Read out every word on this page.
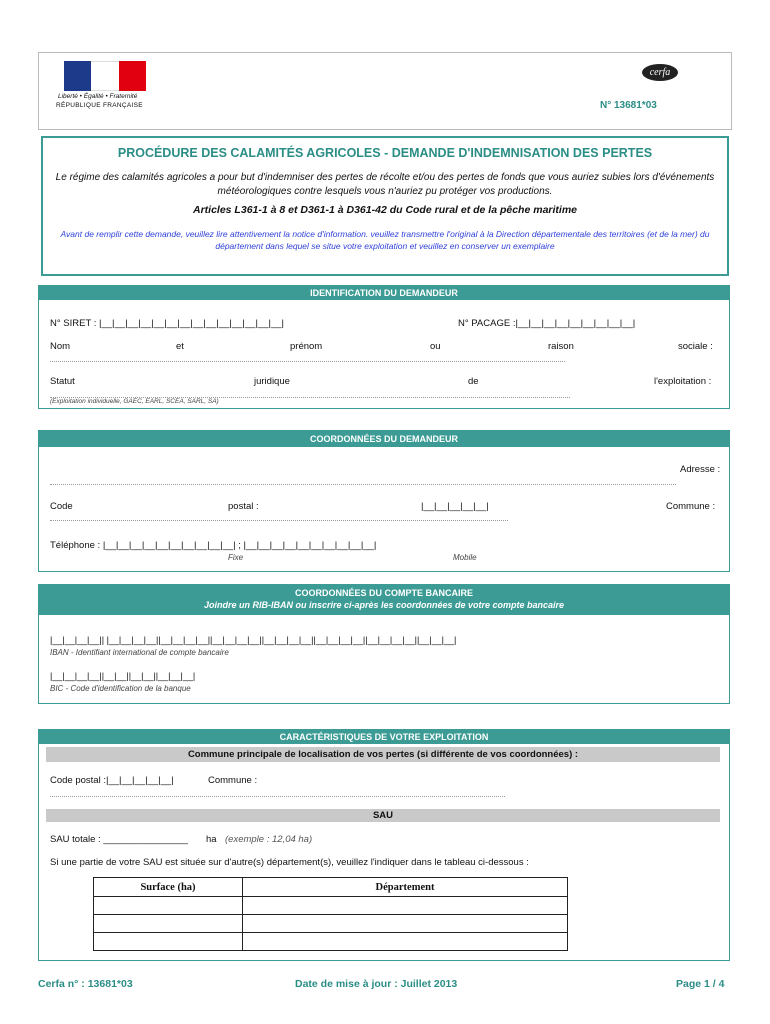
Liberté • Égalité • Fraternité
RÉPUBLIQUE FRANÇAISE
cerfa
N° 13681*03
PROCÉDURE DES CALAMITÉS AGRICOLES - DEMANDE D'INDEMNISATION DES PERTES
Le régime des calamités agricoles a pour but d'indemniser des pertes de récolte et/ou des pertes de fonds que vous auriez subies lors d'événements météorologiques contre lesquels vous n'auriez pu protéger vos productions.
Articles L361-1 à 8 et D361-1 à D361-42 du Code rural et de la pêche maritime
Avant de remplir cette demande, veuillez lire attentivement la notice d'information. veuillez transmettre l'original à la Direction départementale des territoires (et de la mer) du département dans lequel se situe votre exploitation et veuillez en conserver un exemplaire
IDENTIFICATION DU DEMANDEUR
N° SIRET : |__|__|__|__|__|__|__|__|__|__|__|__|__|__|	N° PACAGE :|__|__|__|__|__|__|__|__|__|
Nom	et	prénom	ou	raison	sociale :
Statut	juridique	de	l'exploitation :
(Exploitation individuelle, GAEC, EARL, SCEA, SARL, SA)
COORDONNÉES DU DEMANDEUR
Adresse :
Code	postal :	|__|__|__|__|__|	Commune :
Téléphone : |__|__|__|__|__|__|__|__|__|__| ; |__|__|__|__|__|__|__|__|__|__|
Fixe	Mobile
COORDONNÉES DU COMPTE BANCAIRE
Joindre un RIB-IBAN ou inscrire ci-après les coordonnées de votre compte bancaire
|__|__|__|__|| |__|__|__|__||__|__|__|__||__|__|__|__||__|__|__|__||__|__|__|__||__|__|__|__||__|__|__|
IBAN - Identifiant international de compte bancaire
|__|__|__|__||__|__||__|__||__|__|__|
BIC - Code d'identification de la banque
CARACTÉRISTIQUES DE VOTRE EXPLOITATION
Commune principale de localisation de vos pertes (si différente de vos coordonnées) :
Code postal :|__|__|__|__|__|	Commune :
SAU
SAU totale : ________________ ha (exemple : 12,04 ha)
Si une partie de votre SAU est située sur d'autre(s) département(s), veuillez l'indiquer dans le tableau ci-dessous :
Surface (ha)	Département

Cerfa n° : 13681*03	Date de mise à jour : Juillet 2013	Page 1 / 4
